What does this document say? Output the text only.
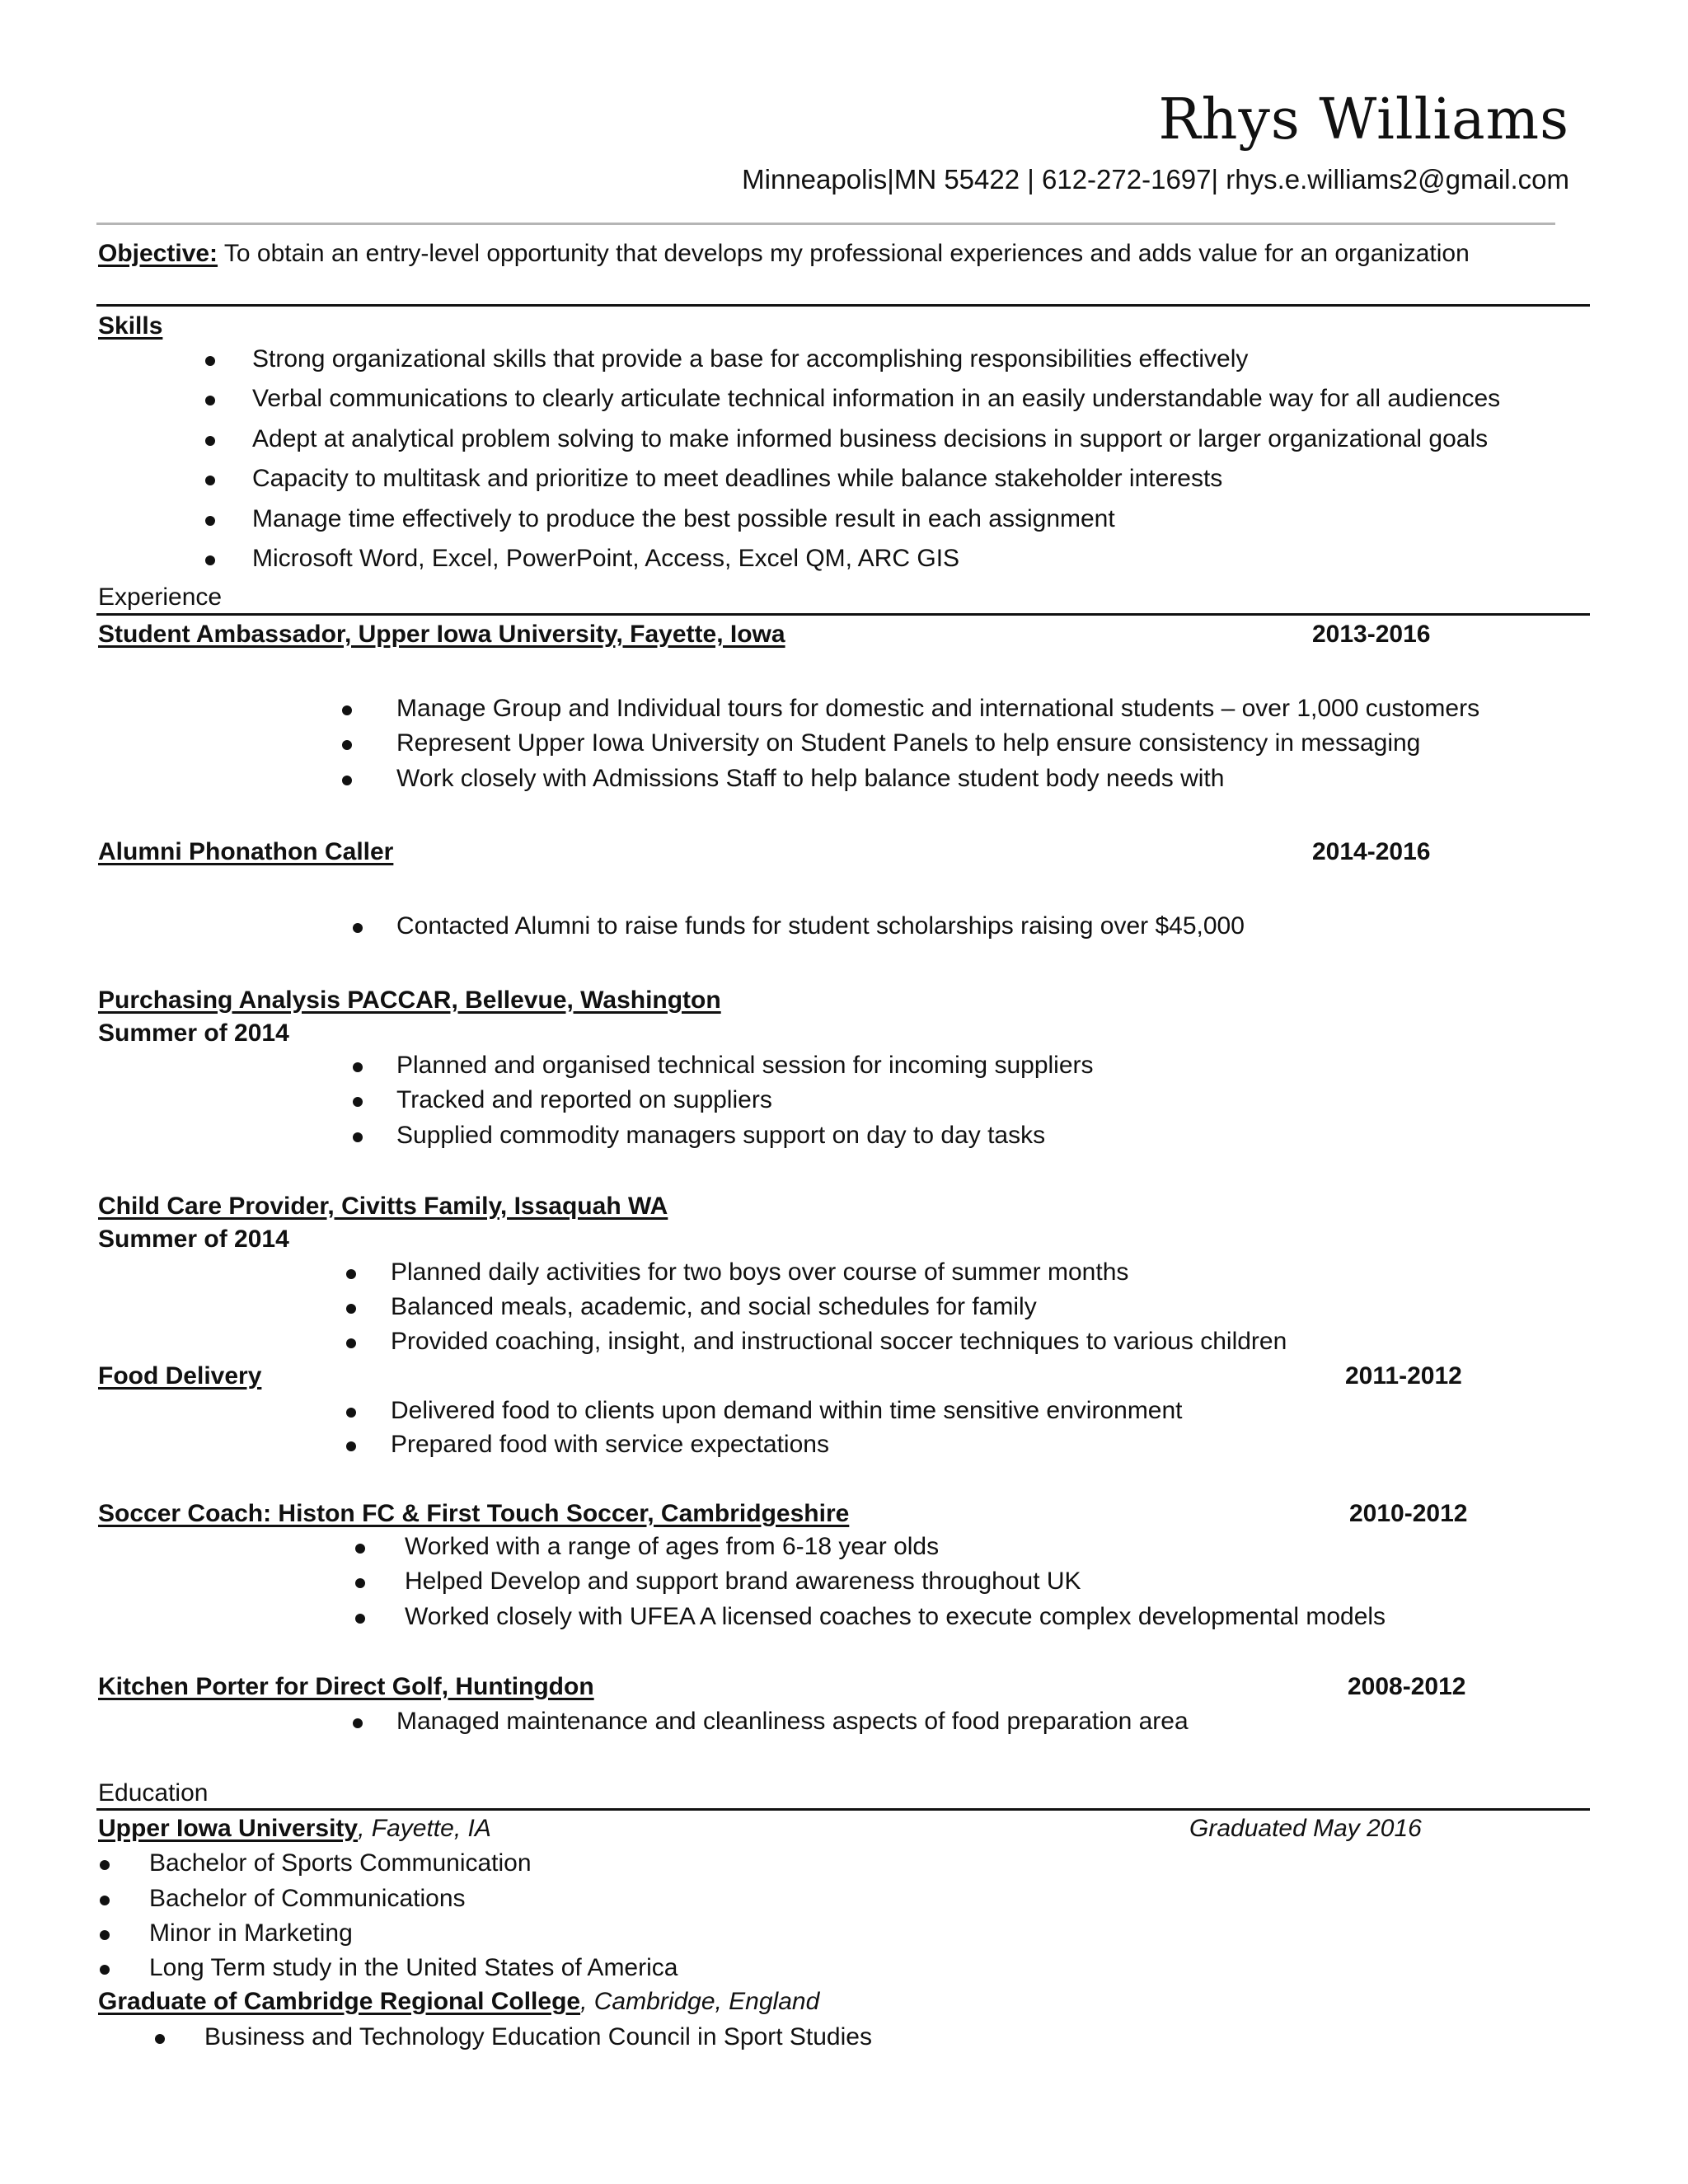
Rhys Williams
Minneapolis|MN 55422 | 612-272-1697| rhys.e.williams2@gmail.com
Objective: To obtain an entry-level opportunity that develops my professional experiences and adds value for an organization
Skills
Strong organizational skills that provide a base for accomplishing responsibilities effectively
Verbal communications to clearly articulate technical information in an easily understandable way for all audiences
Adept at analytical problem solving to make informed business decisions in support or larger organizational goals
Capacity to multitask and prioritize to meet deadlines while balance stakeholder interests
Manage time effectively to produce the best possible result in each assignment
Microsoft Word, Excel, PowerPoint, Access, Excel QM, ARC GIS
Experience
Student Ambassador, Upper Iowa University, Fayette, Iowa	2013-2016
Manage Group and Individual tours for domestic and international students – over 1,000 customers
Represent Upper Iowa University on Student Panels to help ensure consistency in messaging
Work closely with Admissions Staff to help balance student body needs with
Alumni Phonathon Caller	2014-2016
Contacted Alumni to raise funds for student scholarships raising over $45,000
Purchasing Analysis PACCAR, Bellevue, Washington
Summer of 2014
Planned and organised technical session for incoming suppliers
Tracked and reported on suppliers
Supplied commodity managers support on day to day tasks
Child Care Provider, Civitts Family, Issaquah WA
Summer of 2014
Planned daily activities for two boys over course of summer months
Balanced meals, academic, and social schedules for family
Provided coaching, insight, and instructional soccer techniques to various children
Food Delivery	2011-2012
Delivered food to clients upon demand within time sensitive environment
Prepared food with service expectations
Soccer Coach: Histon FC & First Touch Soccer, Cambridgeshire	2010-2012
Worked with a range of ages from 6-18 year olds
Helped Develop and support brand awareness throughout UK
Worked closely with UFEA A licensed coaches to execute complex developmental models
Kitchen Porter for Direct Golf, Huntingdon	2008-2012
Managed maintenance and cleanliness aspects of food preparation area
Education
Upper Iowa University, Fayette, IA	Graduated May 2016
Bachelor of Sports Communication
Bachelor of Communications
Minor in Marketing
Long Term study in the United States of America
Graduate of Cambridge Regional College, Cambridge, England
Business and Technology Education Council in Sport Studies
